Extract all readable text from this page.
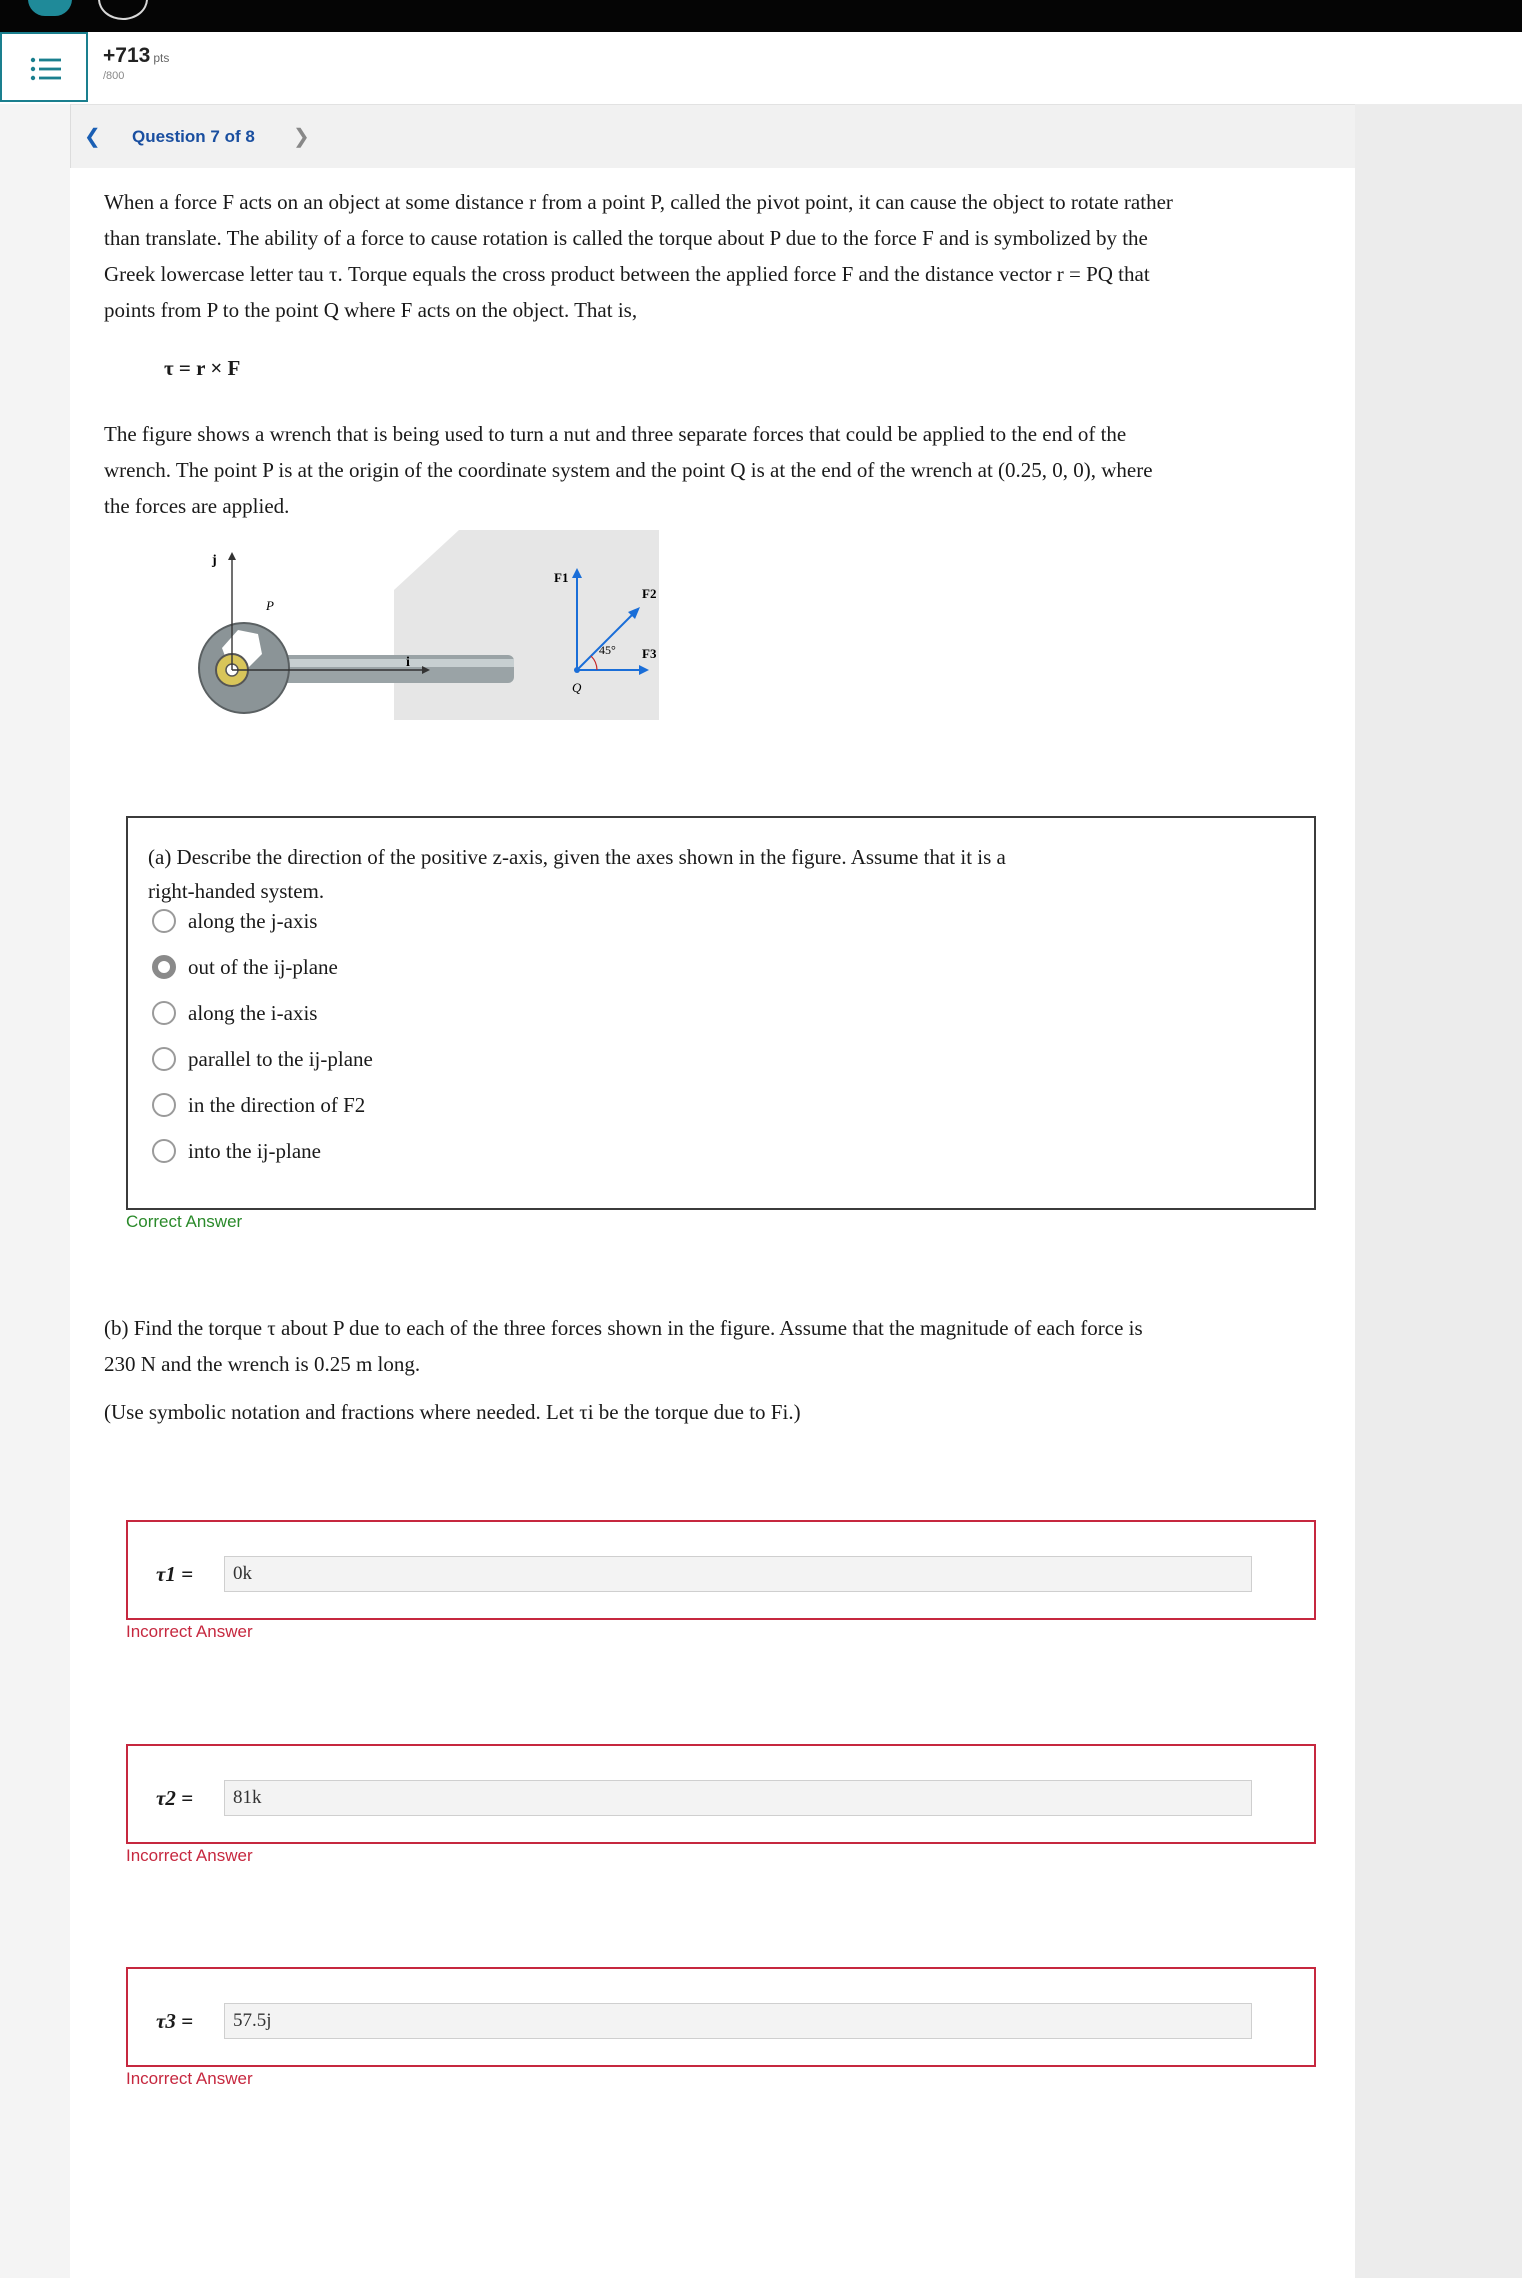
+713 pts
/800
❮ Question 7 of 8 ❯
When a force F acts on an object at some distance r from a point P, called the pivot point, it can cause the object to rotate rather
than translate. The ability of a force to cause rotation is called the torque about P due to the force F and is symbolized by the
Greek lowercase letter tau τ. Torque equals the cross product between the applied force F and the distance vector r = PQ that
points from P to the point Q where F acts on the object. That is,
τ = r × F
The figure shows a wrench that is being used to turn a nut and three separate forces that could be applied to the end of the
wrench. The point P is at the origin of the coordinate system and the point Q is at the end of the wrench at (0.25, 0, 0), where
the forces are applied.
j
i
P
Q
F1
F2
F3
45°
(a) Describe the direction of the positive z-axis, given the axes shown in the figure. Assume that it is a
right-handed system.
along the j-axis
out of the ij-plane
along the i-axis
parallel to the ij-plane
in the direction of F2
into the ij-plane
Correct Answer
(b) Find the torque τ about P due to each of the three forces shown in the figure. Assume that the magnitude of each force is
230 N and the wrench is 0.25 m long.
(Use symbolic notation and fractions where needed. Let τi be the torque due to Fi.)
τ1 =	0k
Incorrect Answer
τ2 =	81k
Incorrect Answer
τ3 =	57.5j
Incorrect Answer
